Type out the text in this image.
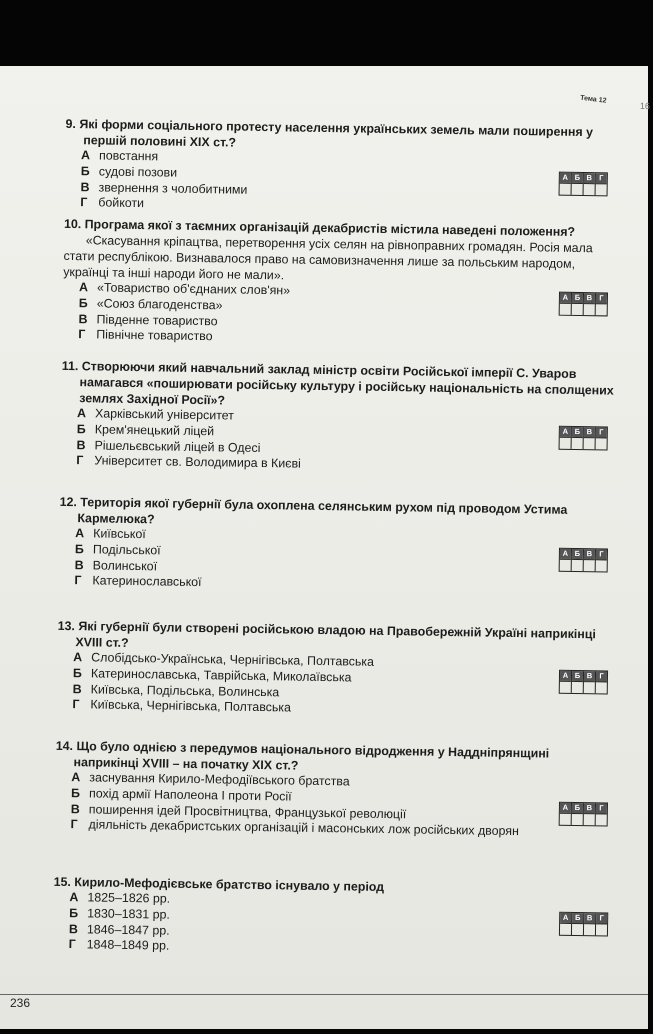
Тема 12
16

9. Які форми соціального протесту населення українських земель мали поширення у першій половині XIX ст.?

А повстання

Б судові позови

В звернення з чолобитними

Г бойкоти

А Б В Г

10. Програма якої з таємних організацій декабристів містила наведені положення?

«Скасування кріпацтва, перетворення усіх селян на рівноправних громадян. Росія мала стати республікою. Визнавалося право на самовизначення лише за польським народом, українці та інші народи його не мали».

А «Товариство об'єднаних слов'ян»

Б «Союз благоденства»

В Південне товариство

Г Північне товариство

А Б В Г

11. Створюючи який навчальний заклад міністр освіти Російської імперії С. Уваров намагався «поширювати російську культуру і російську національність на сполщених землях Західної Росії»?

А Харківський університет

Б Крем'янецький ліцей

В Рішельєвський ліцей в Одесі

Г Університет св. Володимира в Києві

А Б В Г

12. Територія якої губернії була охоплена селянським рухом під проводом Устима Кармелюка?

А Київської

Б Подільської

В Волинської

Г Катеринославської

А Б В Г

13. Які губернії були створені російською владою на Правобережній Україні наприкінці XVIII ст.?

А Слобідсько-Українська, Чернігівська, Полтавська

Б Катеринославська, Таврійська, Миколаївська

В Київська, Подільська, Волинська

Г Київська, Чернігівська, Полтавська

А Б В Г

14. Що було однією з передумов національного відродження у Наддніпрянщині наприкінці XVIII – на початку XIX ст.?

А заснування Кирило-Мефодіївського братства

Б похід армії Наполеона I проти Росії

В поширення ідей Просвітництва, Французької революції

Г діяльність декабристських організацій і масонських лож російських дворян

А Б В Г

15. Кирило-Мефодієвське братство існувало у період

А 1825–1826 рр.

Б 1830–1831 рр.

В 1846–1847 рр.

Г 1848–1849 рр.

А Б В Г
236
